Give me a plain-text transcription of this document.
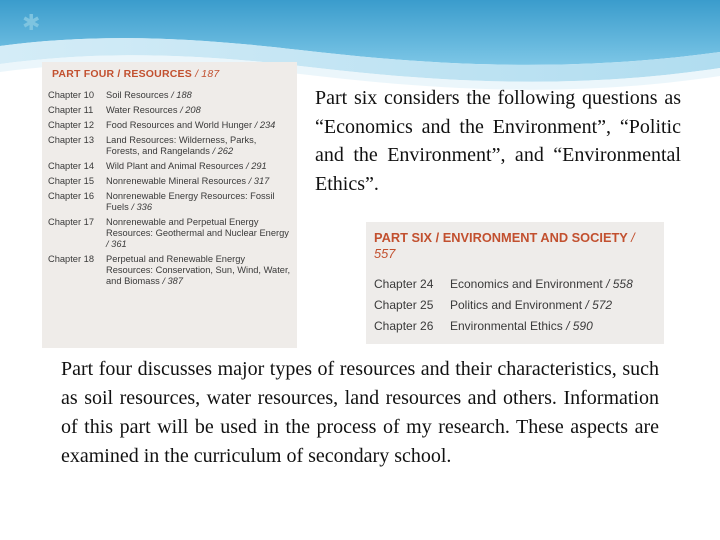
✱
PART FOUR / RESOURCES / 187
Chapter 10	Soil Resources / 188
Chapter 11	Water Resources / 208
Chapter 12	Food Resources and World Hunger / 234
Chapter 13	Land Resources: Wilderness, Parks, Forests, and Rangelands / 262
Chapter 14	Wild Plant and Animal Resources / 291
Chapter 15	Nonrenewable Mineral Resources / 317
Chapter 16	Nonrenewable Energy Resources: Fossil Fuels / 336
Chapter 17	Nonrenewable and Perpetual Energy Resources: Geothermal and Nuclear Energy / 361
Chapter 18	Perpetual and Renewable Energy Resources: Conservation, Sun, Wind, Water, and Biomass / 387
Part six considers the following questions as “Economics and the Environment”, “Politic and the Environment”, and “Environmental Ethics”.
PART SIX / ENVIRONMENT AND SOCIETY / 557
Chapter 24	Economics and Environment / 558
Chapter 25	Politics and Environment / 572
Chapter 26	Environmental Ethics / 590
Part four discusses major types of resources and their characteristics, such as soil resources, water resources, land resources and others. Information of this part will be used in the process of my research. These aspects are examined in the curriculum of secondary school.
